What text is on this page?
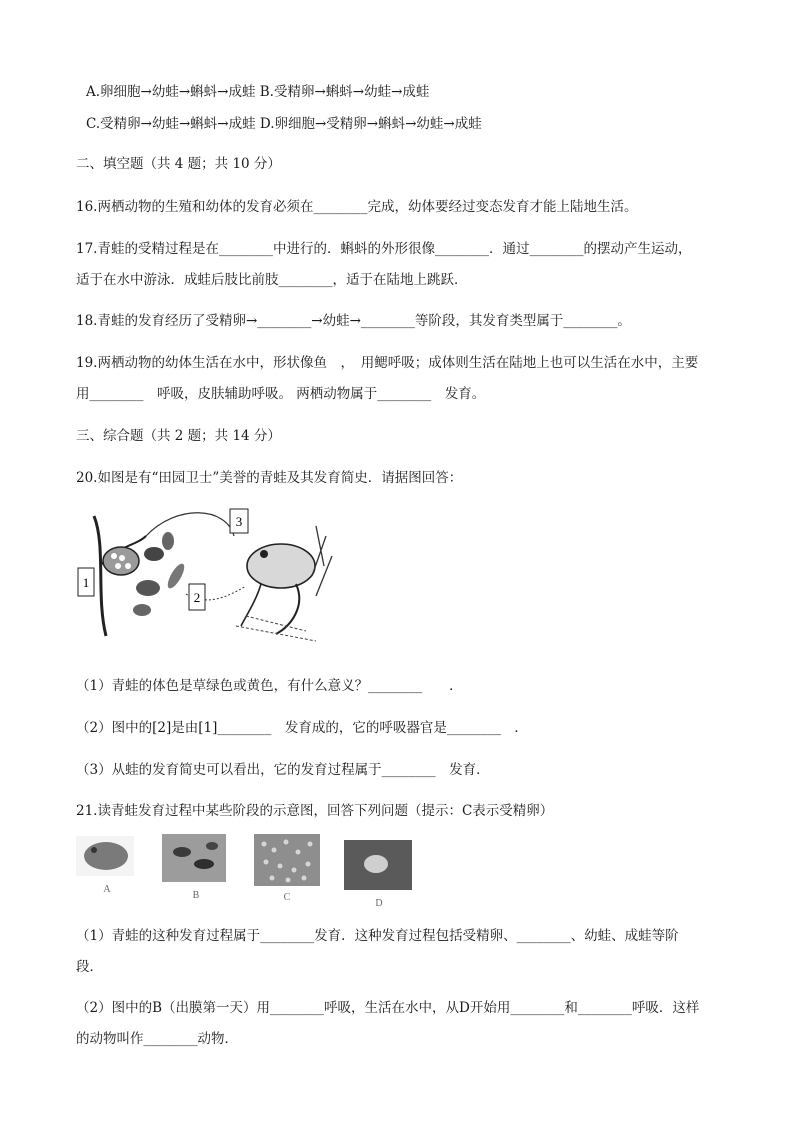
A.卵细胞→幼蛙→蝌蚪→成蛙 B.受精卵→蝌蚪→幼蛙→成蛙
C.受精卵→幼蛙→蝌蚪→成蛙 D.卵细胞→受精卵→蝌蚪→幼蛙→成蛙
二、填空题（共 4 题；共 10 分）
16.两栖动物的生殖和幼体的发育必须在________完成，幼体要经过变态发育才能上陆地生活。
17.青蛙的受精过程是在________中进行的．蝌蚪的外形很像________．通过________的摆动产生运动，
适于在水中游泳．成蛙后肢比前肢________，适于在陆地上跳跃．
18.青蛙的发育经历了受精卵→________→幼蛙→________等阶段，其发育类型属于________。
19.两栖动物的幼体生活在水中，形状像鱼　，　用鳃呼吸；成体则生活在陆地上也可以生活在水中，主要
用________　呼吸，皮肤辅助呼吸。 两栖动物属于________　发育。
三、综合题（共 2 题；共 14 分）
20.如图是有“田园卫士”美誉的青蛙及其发育简史．请据图回答：
1
2
3
（1）青蛙的体色是草绿色或黄色，有什么意义？________　　．
（2）图中的[2]是由[1]________　发育成的，它的呼吸器官是________　．
（3）从蛙的发育简史可以看出，它的发育过程属于________　发育．
21.读青蛙发育过程中某些阶段的示意图，回答下列问题（提示：C表示受精卵）
A
B	C
D
（1）青蛙的这种发育过程属于________发育．这种发育过程包括受精卵、________、幼蛙、成蛙等阶
段．
（2）图中的B（出膜第一天）用________呼吸，生活在水中，从D开始用________和________呼吸．这样
的动物叫作________动物．
